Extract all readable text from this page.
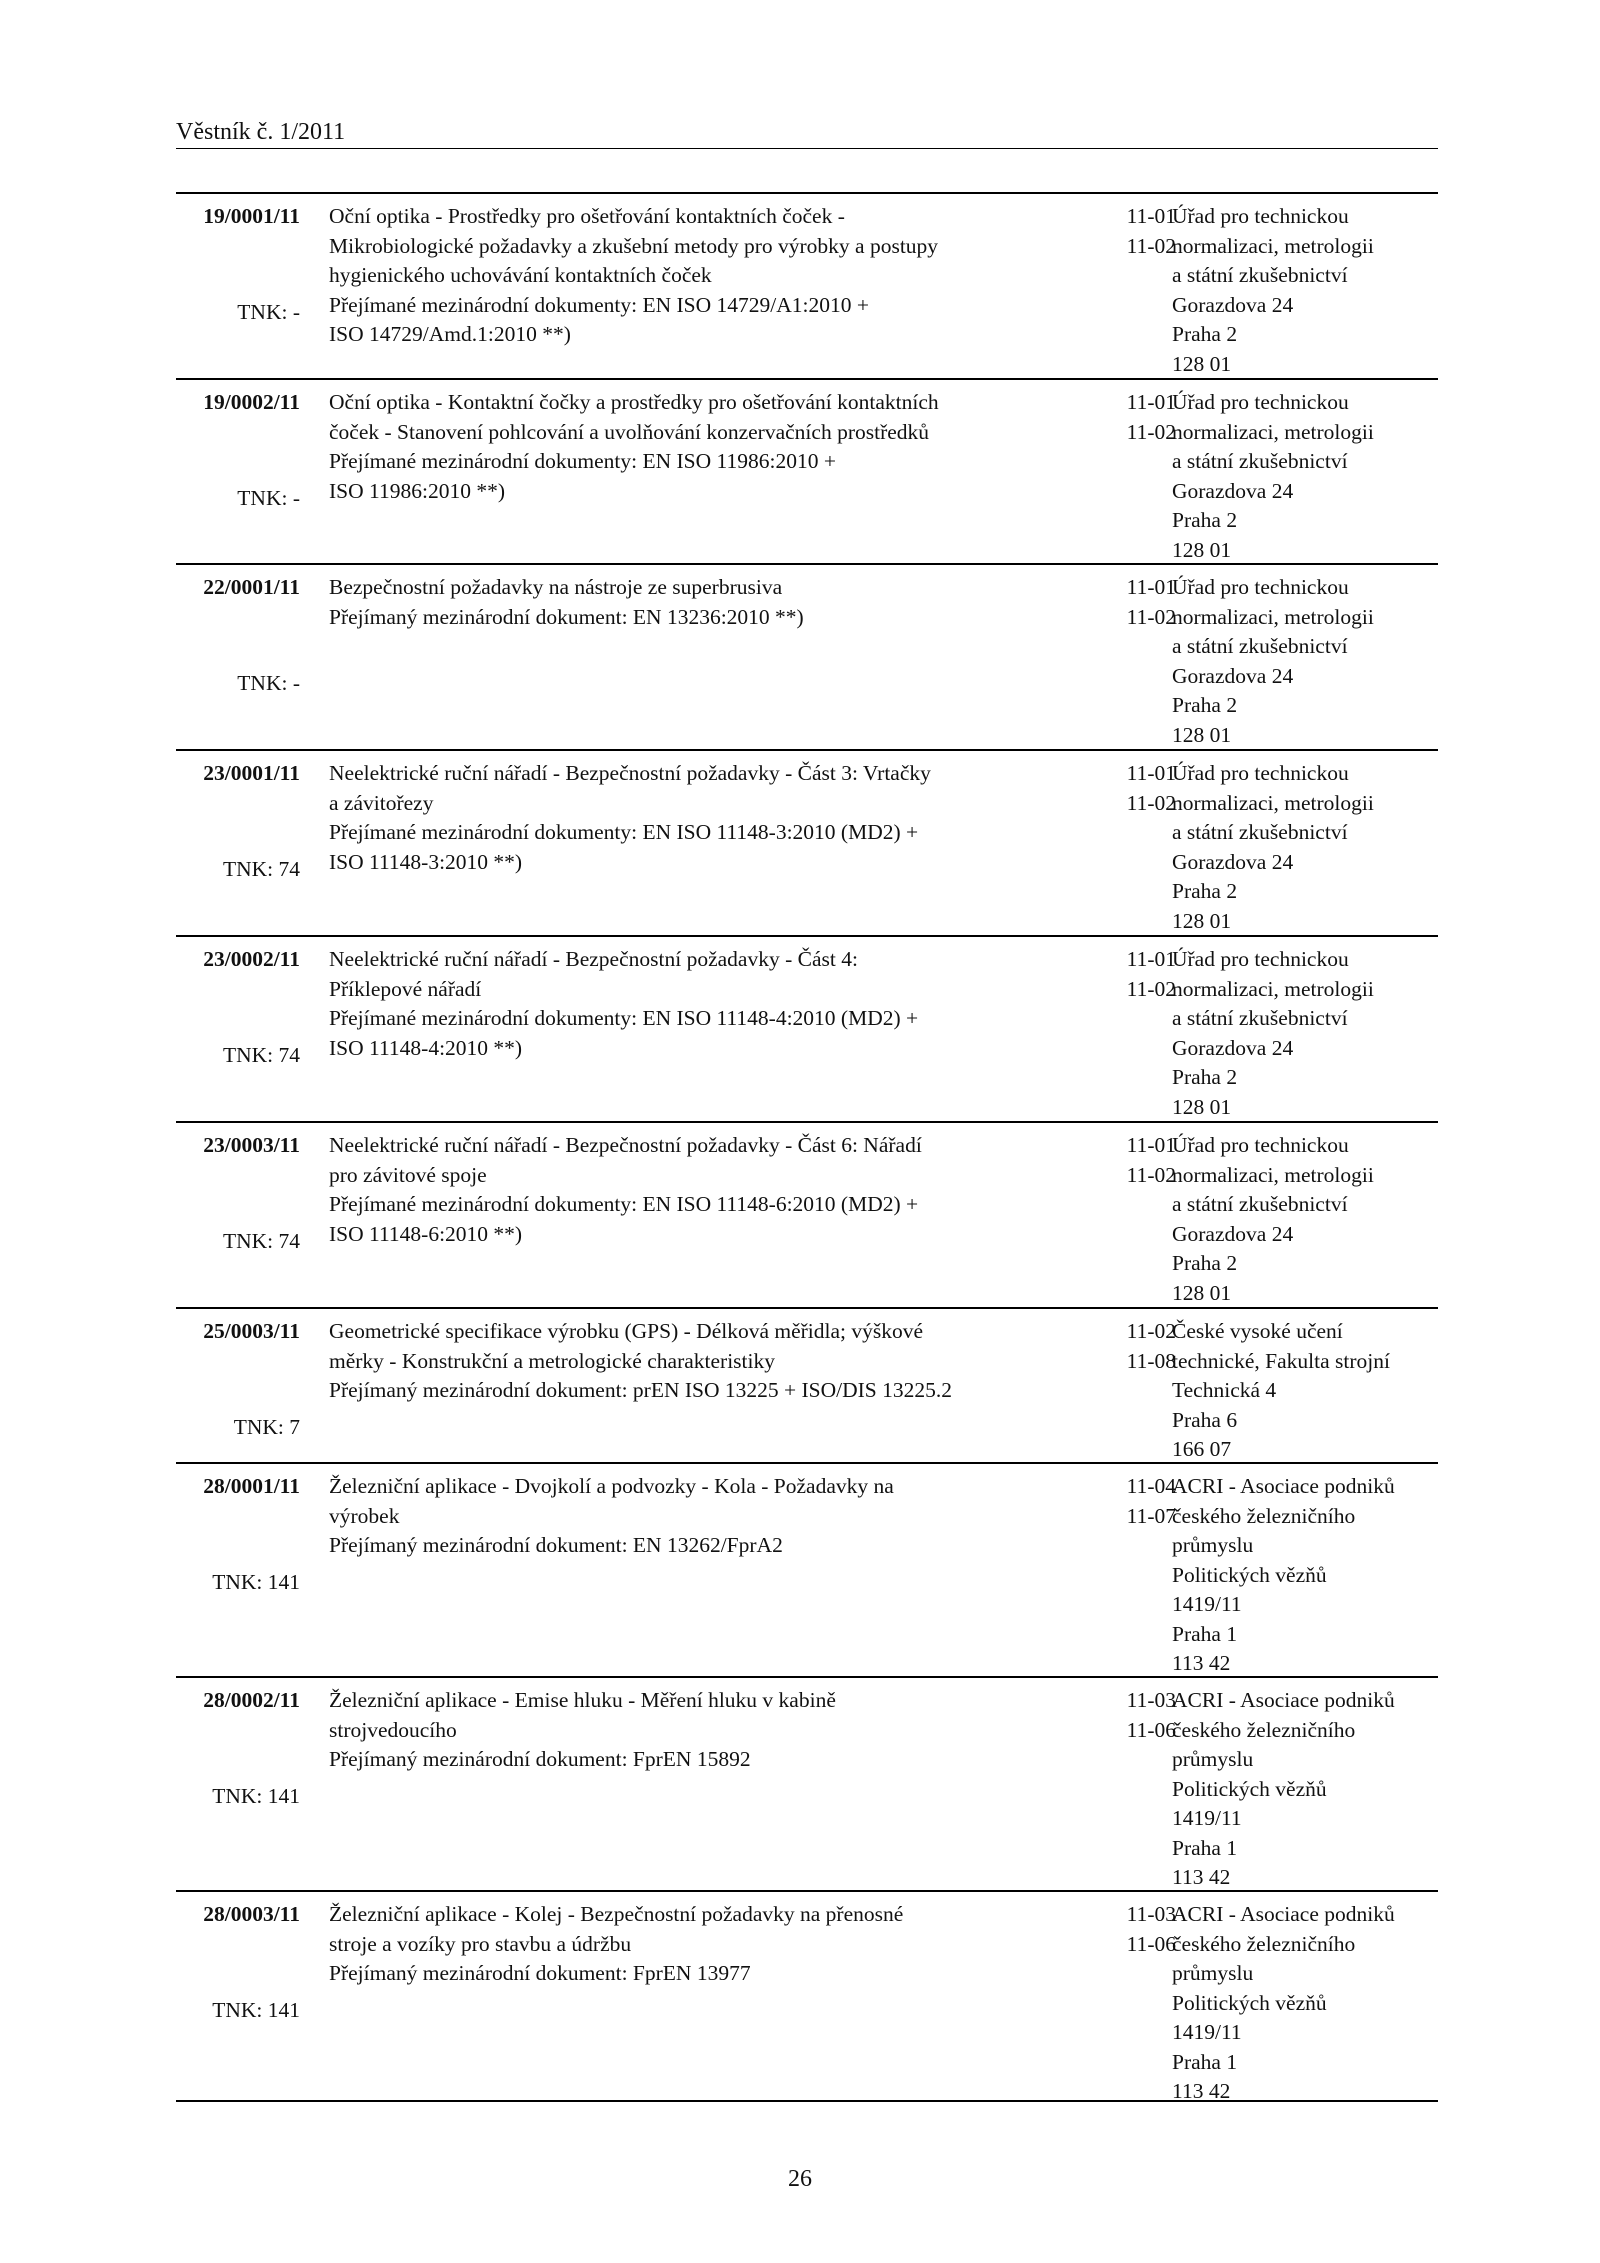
Věstník č. 1/2011
19/0001/11
TNK: -
Oční optika - Prostředky pro ošetřování kontaktních čoček -
Mikrobiologické požadavky a zkušební metody pro výrobky a postupy
hygienického uchovávání kontaktních čoček
Přejímané mezinárodní dokumenty: EN ISO 14729/A1:2010 +
ISO 14729/Amd.1:2010 **)
11-01
11-02
Úřad pro technickou
normalizaci, metrologii
a státní zkušebnictví
Gorazdova 24
Praha 2
128 01
19/0002/11
TNK: -
Oční optika - Kontaktní čočky a prostředky pro ošetřování kontaktních
čoček - Stanovení pohlcování a uvolňování konzervačních prostředků
Přejímané mezinárodní dokumenty: EN ISO 11986:2010 +
ISO 11986:2010 **)
11-01
11-02
Úřad pro technickou
normalizaci, metrologii
a státní zkušebnictví
Gorazdova 24
Praha 2
128 01
22/0001/11
TNK: -
Bezpečnostní požadavky na nástroje ze superbrusiva
Přejímaný mezinárodní dokument: EN 13236:2010 **)
11-01
11-02
Úřad pro technickou
normalizaci, metrologii
a státní zkušebnictví
Gorazdova 24
Praha 2
128 01
23/0001/11
TNK: 74
Neelektrické ruční nářadí - Bezpečnostní požadavky - Část 3: Vrtačky
a závitořezy
Přejímané mezinárodní dokumenty: EN ISO 11148-3:2010 (MD2) +
ISO 11148-3:2010 **)
11-01
11-02
Úřad pro technickou
normalizaci, metrologii
a státní zkušebnictví
Gorazdova 24
Praha 2
128 01
23/0002/11
TNK: 74
Neelektrické ruční nářadí - Bezpečnostní požadavky - Část 4:
Příklepové nářadí
Přejímané mezinárodní dokumenty: EN ISO 11148-4:2010 (MD2) +
ISO 11148-4:2010 **)
11-01
11-02
Úřad pro technickou
normalizaci, metrologii
a státní zkušebnictví
Gorazdova 24
Praha 2
128 01
23/0003/11
TNK: 74
Neelektrické ruční nářadí - Bezpečnostní požadavky - Část 6: Nářadí
pro závitové spoje
Přejímané mezinárodní dokumenty: EN ISO 11148-6:2010 (MD2) +
ISO 11148-6:2010 **)
11-01
11-02
Úřad pro technickou
normalizaci, metrologii
a státní zkušebnictví
Gorazdova 24
Praha 2
128 01
25/0003/11
TNK: 7
Geometrické specifikace výrobku (GPS) - Délková měřidla; výškové
měrky - Konstrukční a metrologické charakteristiky
Přejímaný mezinárodní dokument: prEN ISO 13225 + ISO/DIS 13225.2
11-02
11-08
České vysoké učení
technické, Fakulta strojní
Technická 4
Praha 6
166 07
28/0001/11
TNK: 141
Železniční aplikace - Dvojkolí a podvozky - Kola - Požadavky na
výrobek
Přejímaný mezinárodní dokument: EN 13262/FprA2
11-04
11-07
ACRI - Asociace podniků
českého železničního
průmyslu
Politických vězňů
1419/11
Praha 1
113 42
28/0002/11
TNK: 141
Železniční aplikace - Emise hluku - Měření hluku v kabině
strojvedoucího
Přejímaný mezinárodní dokument: FprEN 15892
11-03
11-06
ACRI - Asociace podniků
českého železničního
průmyslu
Politických vězňů
1419/11
Praha 1
113 42
28/0003/11
TNK: 141
Železniční aplikace - Kolej - Bezpečnostní požadavky na přenosné
stroje a vozíky pro stavbu a údržbu
Přejímaný mezinárodní dokument: FprEN 13977
11-03
11-06
ACRI - Asociace podniků
českého železničního
průmyslu
Politických vězňů
1419/11
Praha 1
113 42
26
